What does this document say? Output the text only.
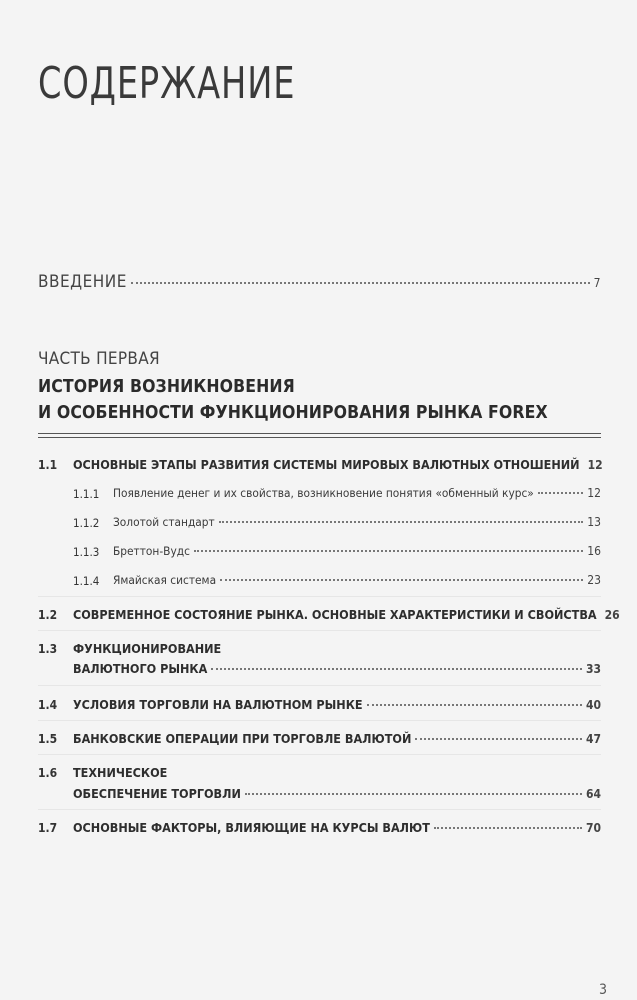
СОДЕРЖАНИЕ
ВВЕДЕНИЕ	7
ЧАСТЬ ПЕРВАЯ
ИСТОРИЯ ВОЗНИКНОВЕНИЯ
И ОСОБЕННОСТИ ФУНКЦИОНИРОВАНИЯ РЫНКА FOREX
1.1 ОСНОВНЫЕ ЭТАПЫ РАЗВИТИЯ СИСТЕМЫ МИРОВЫХ ВАЛЮТНЫХ ОТНОШЕНИЙ 12
1.1.1 Появление денег и их свойства, возникновение понятия «обменный курс»	12
1.1.2 Золотой стандарт	13
1.1.3 Бреттон-Вудс	16
1.1.4 Ямайская система	23
1.2 СОВРЕМЕННОЕ СОСТОЯНИЕ РЫНКА. ОСНОВНЫЕ ХАРАКТЕРИСТИКИ И СВОЙСТВА 26
1.3 ФУНКЦИОНИРОВАНИЕ
ВАЛЮТНОГО РЫНКА	33
1.4 УСЛОВИЯ ТОРГОВЛИ НА ВАЛЮТНОМ РЫНКЕ	40
1.5 БАНКОВСКИЕ ОПЕРАЦИИ ПРИ ТОРГОВЛЕ ВАЛЮТОЙ	47
1.6 ТЕХНИЧЕСКОЕ
ОБЕСПЕЧЕНИЕ ТОРГОВЛИ	64
1.7 ОСНОВНЫЕ ФАКТОРЫ, ВЛИЯЮЩИЕ НА КУРСЫ ВАЛЮТ	70
3
